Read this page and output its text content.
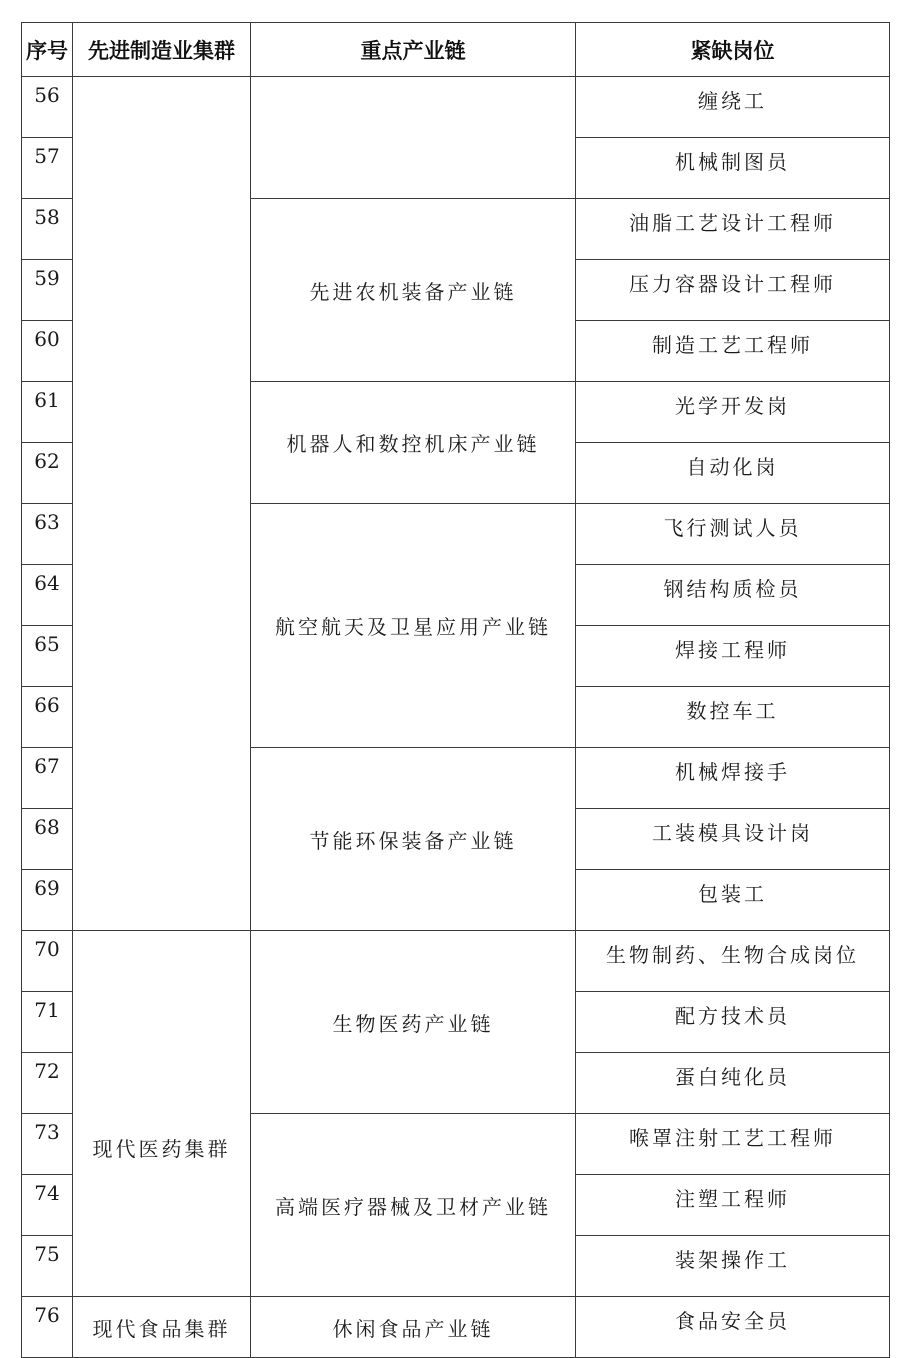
序号	先进制造业集群	重点产业链	紧缺岗位
56			缠绕工
57			机械制图员
58		先进农机装备产业链	油脂工艺设计工程师
59			压力容器设计工程师
60			制造工艺工程师
61		机器人和数控机床产业链	光学开发岗
62			自动化岗
63		航空航天及卫星应用产业链	飞行测试人员
64			钢结构质检员
65			焊接工程师
66			数控车工
67		节能环保装备产业链	机械焊接手
68			工装模具设计岗
69			包装工
70	现代医药集群	生物医药产业链	生物制药、生物合成岗位
71			配方技术员
72			蛋白纯化员
73		高端医疗器械及卫材产业链	喉罩注射工艺工程师
74			注塑工程师
75			装架操作工
76	现代食品集群	休闲食品产业链	食品安全员
